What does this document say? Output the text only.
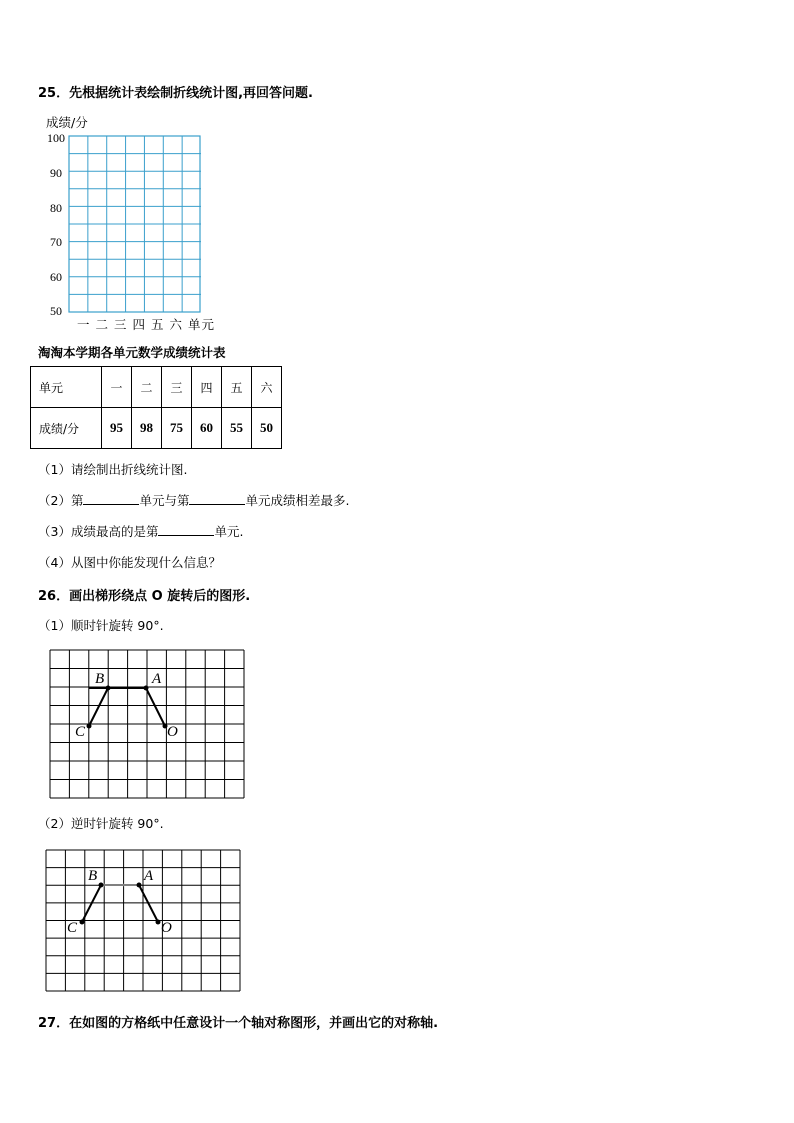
25．先根据统计表绘制折线统计图,再回答问题.
成绩/分
100
90
80
70
60
50
一 二 三 四 五 六 单元
淘淘本学期各单元数学成绩统计表
单元	一	二	三	四	五	六
成绩/分	95	98	75	60	55	50
（1）请绘制出折线统计图.
（2）第	单元与第	单元成绩相差最多.
（3）成绩最高的是第	单元.
（4）从图中你能发现什么信息？
26．画出梯形绕点 O 旋转后的图形.
（1）顺时针旋转 90°.
B	A
C	O
（2）逆时针旋转 90°.
B	A
C	O
27．在如图的方格纸中任意设计一个轴对称图形，并画出它的对称轴.
